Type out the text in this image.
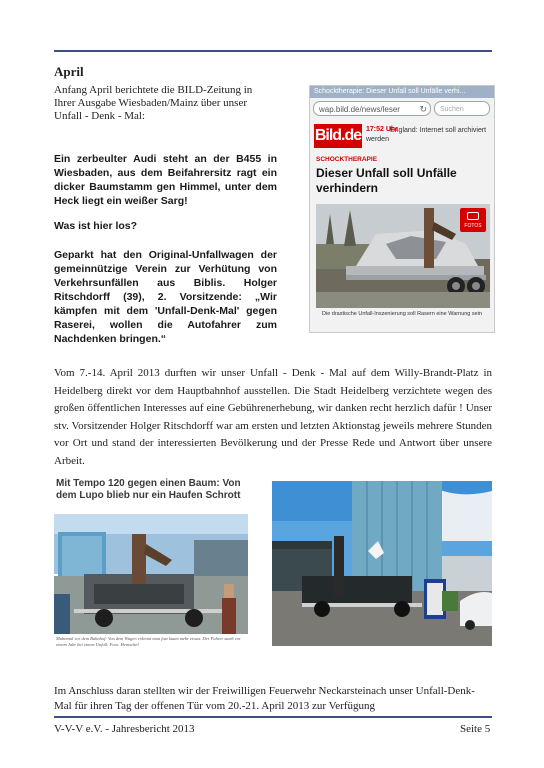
April
Anfang April berichtete die BILD-Zeitung in Ihrer Ausgabe Wiesbaden/Mainz über unser Unfall - Denk - Mal:
Ein zerbeulter Audi steht an der B455 in Wiesbaden, aus dem Beifahrersitz ragt ein dicker Baumstamm gen Himmel, unter dem Heck liegt ein weißer Sarg!
Was ist hier los?
Geparkt hat den Original-Unfallwagen der gemeinnützige Verein zur Verhütung von Verkehrsunfällen aus Biblis. Holger Ritschdorff (39), 2. Vorsitzende: „Wir kämpfen mit dem 'Unfall-Denk-Mal' gegen Raserei, wollen die Autofahrer zum Nachdenken bringen.“
Schocktherapie: Dieser Unfall soll Unfälle verhi...
wap.bild.de/news/leser ↻	Suchen
Bild.de	England: Internet soll archiviert werden
17:52 Uhr
SCHOCKTHERAPIE
Dieser Unfall soll Unfälle verhindern
FOTOS
Die drastische Unfall-Inszenierung soll Rasern eine Warnung sein
Vom 7.-14. April 2013 durften wir unser Unfall - Denk - Mal auf dem Willy-Brandt-Platz in Heidelberg direkt vor dem Hauptbahnhof ausstellen. Die Stadt Heidelberg verzichtete wegen des großen öffentlichen Interesses auf eine Gebührenerhebung, wir danken recht herzlich dafür ! Unser stv. Vorsitzender Holger Ritschdorff war am ersten und letzten Aktionstag jeweils mehrere Stunden vor Ort und stand der interessierten Bevölkerung und der Presse Rede und Antwort über unsere Arbeit.
Mit Tempo 120 gegen einen Baum: Von dem Lupo blieb nur ein Haufen Schrott
Mahnmal vor dem Bahnhof: Von dem Wagen erkennt man fast kaum mehr etwas. Der Fahrer starb vor einem Jahr bei einem Unfall. Foto: Hentschel
Im Anschluss daran stellten wir der Freiwilligen Feuerwehr Neckarsteinach unser Unfall-Denk-Mal für ihren Tag der offenen Tür vom 20.-21. April 2013 zur Verfügung
V-V-V e.V. - Jahresbericht 2013	Seite 5
